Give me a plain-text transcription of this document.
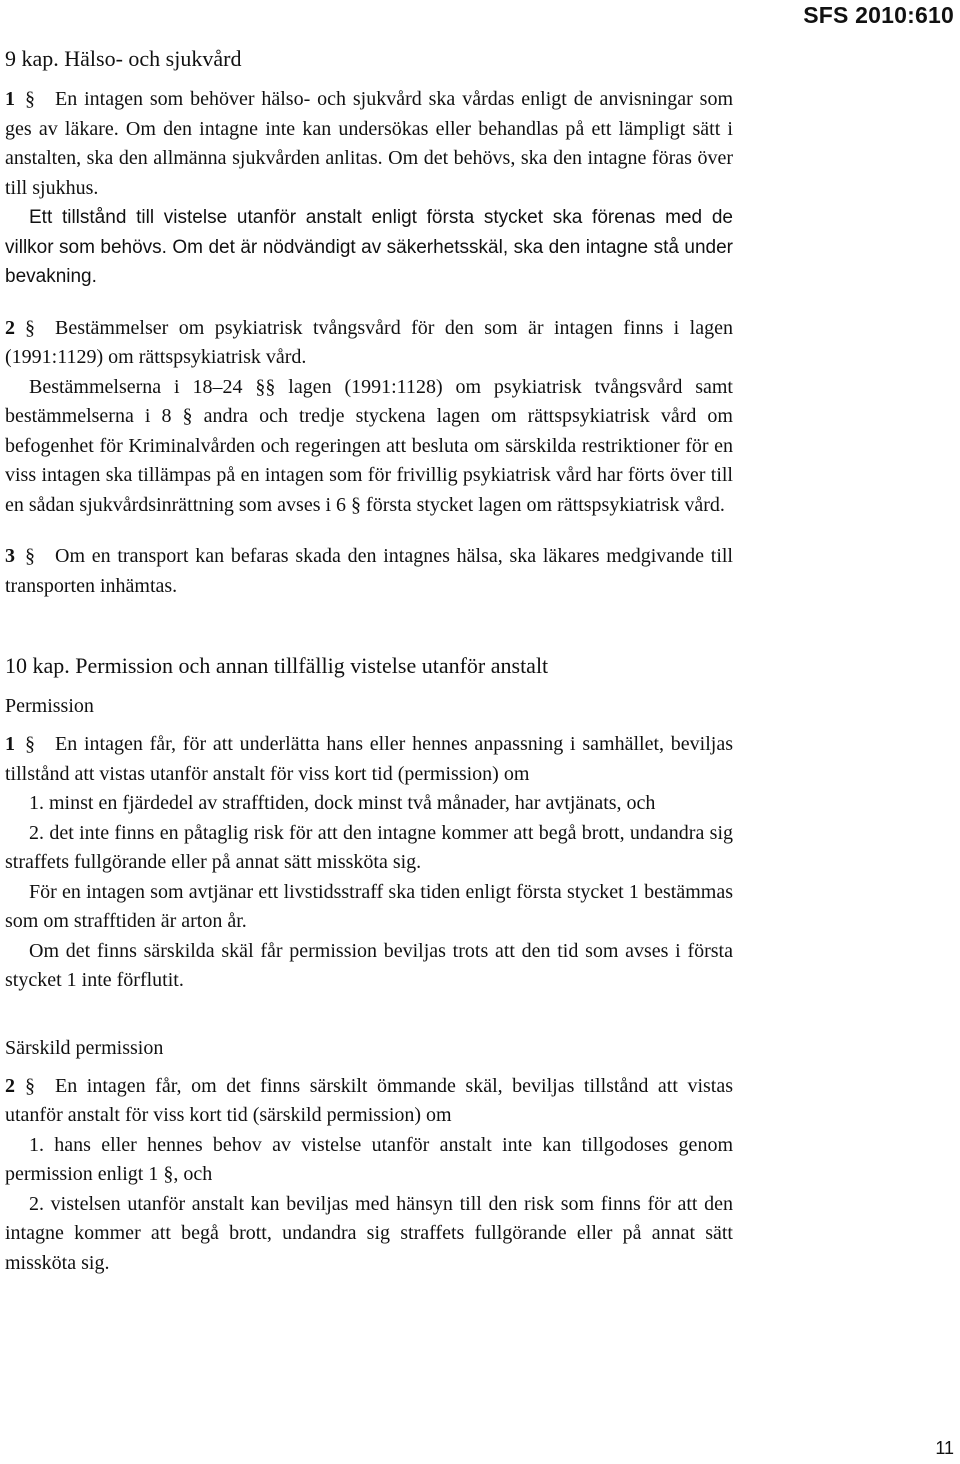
SFS 2010:610
9 kap. Hälso- och sjukvård

1 § En intagen som behöver hälso- och sjukvård ska vårdas enligt de anvisningar som ges av läkare. Om den intagne inte kan undersökas eller behandlas på ett lämpligt sätt i anstalten, ska den allmänna sjukvården anlitas. Om det behövs, ska den intagne föras över till sjukhus.

Ett tillstånd till vistelse utanför anstalt enligt första stycket ska förenas med de villkor som behövs. Om det är nödvändigt av säkerhetsskäl, ska den intagne stå under bevakning.

2 § Bestämmelser om psykiatrisk tvångsvård för den som är intagen finns i lagen (1991:1129) om rättspsykiatrisk vård.

Bestämmelserna i 18–24 §§ lagen (1991:1128) om psykiatrisk tvångsvård samt bestämmelserna i 8 § andra och tredje styckena lagen om rättspsykiatrisk vård om befogenhet för Kriminalvården och regeringen att besluta om särskilda restriktioner för en viss intagen ska tillämpas på en intagen som för frivillig psykiatrisk vård har förts över till en sådan sjukvårdsinrättning som avses i 6 § första stycket lagen om rättspsykiatrisk vård.

3 § Om en transport kan befaras skada den intagnes hälsa, ska läkares medgivande till transporten inhämtas.

10 kap. Permission och annan tillfällig vistelse utanför anstalt
Permission

1 § En intagen får, för att underlätta hans eller hennes anpassning i samhället, beviljas tillstånd att vistas utanför anstalt för viss kort tid (permission) om

1. minst en fjärdedel av strafftiden, dock minst två månader, har avtjänats, och

2. det inte finns en påtaglig risk för att den intagne kommer att begå brott, undandra sig straffets fullgörande eller på annat sätt missköta sig.

För en intagen som avtjänar ett livstidsstraff ska tiden enligt första stycket 1 bestämmas som om strafftiden är arton år.

Om det finns särskilda skäl får permission beviljas trots att den tid som avses i första stycket 1 inte förflutit.

Särskild permission

2 § En intagen får, om det finns särskilt ömmande skäl, beviljas tillstånd att vistas utanför anstalt för viss kort tid (särskild permission) om

1. hans eller hennes behov av vistelse utanför anstalt inte kan tillgodoses genom permission enligt 1 §, och

2. vistelsen utanför anstalt kan beviljas med hänsyn till den risk som finns för att den intagne kommer att begå brott, undandra sig straffets fullgörande eller på annat sätt missköta sig.

11
